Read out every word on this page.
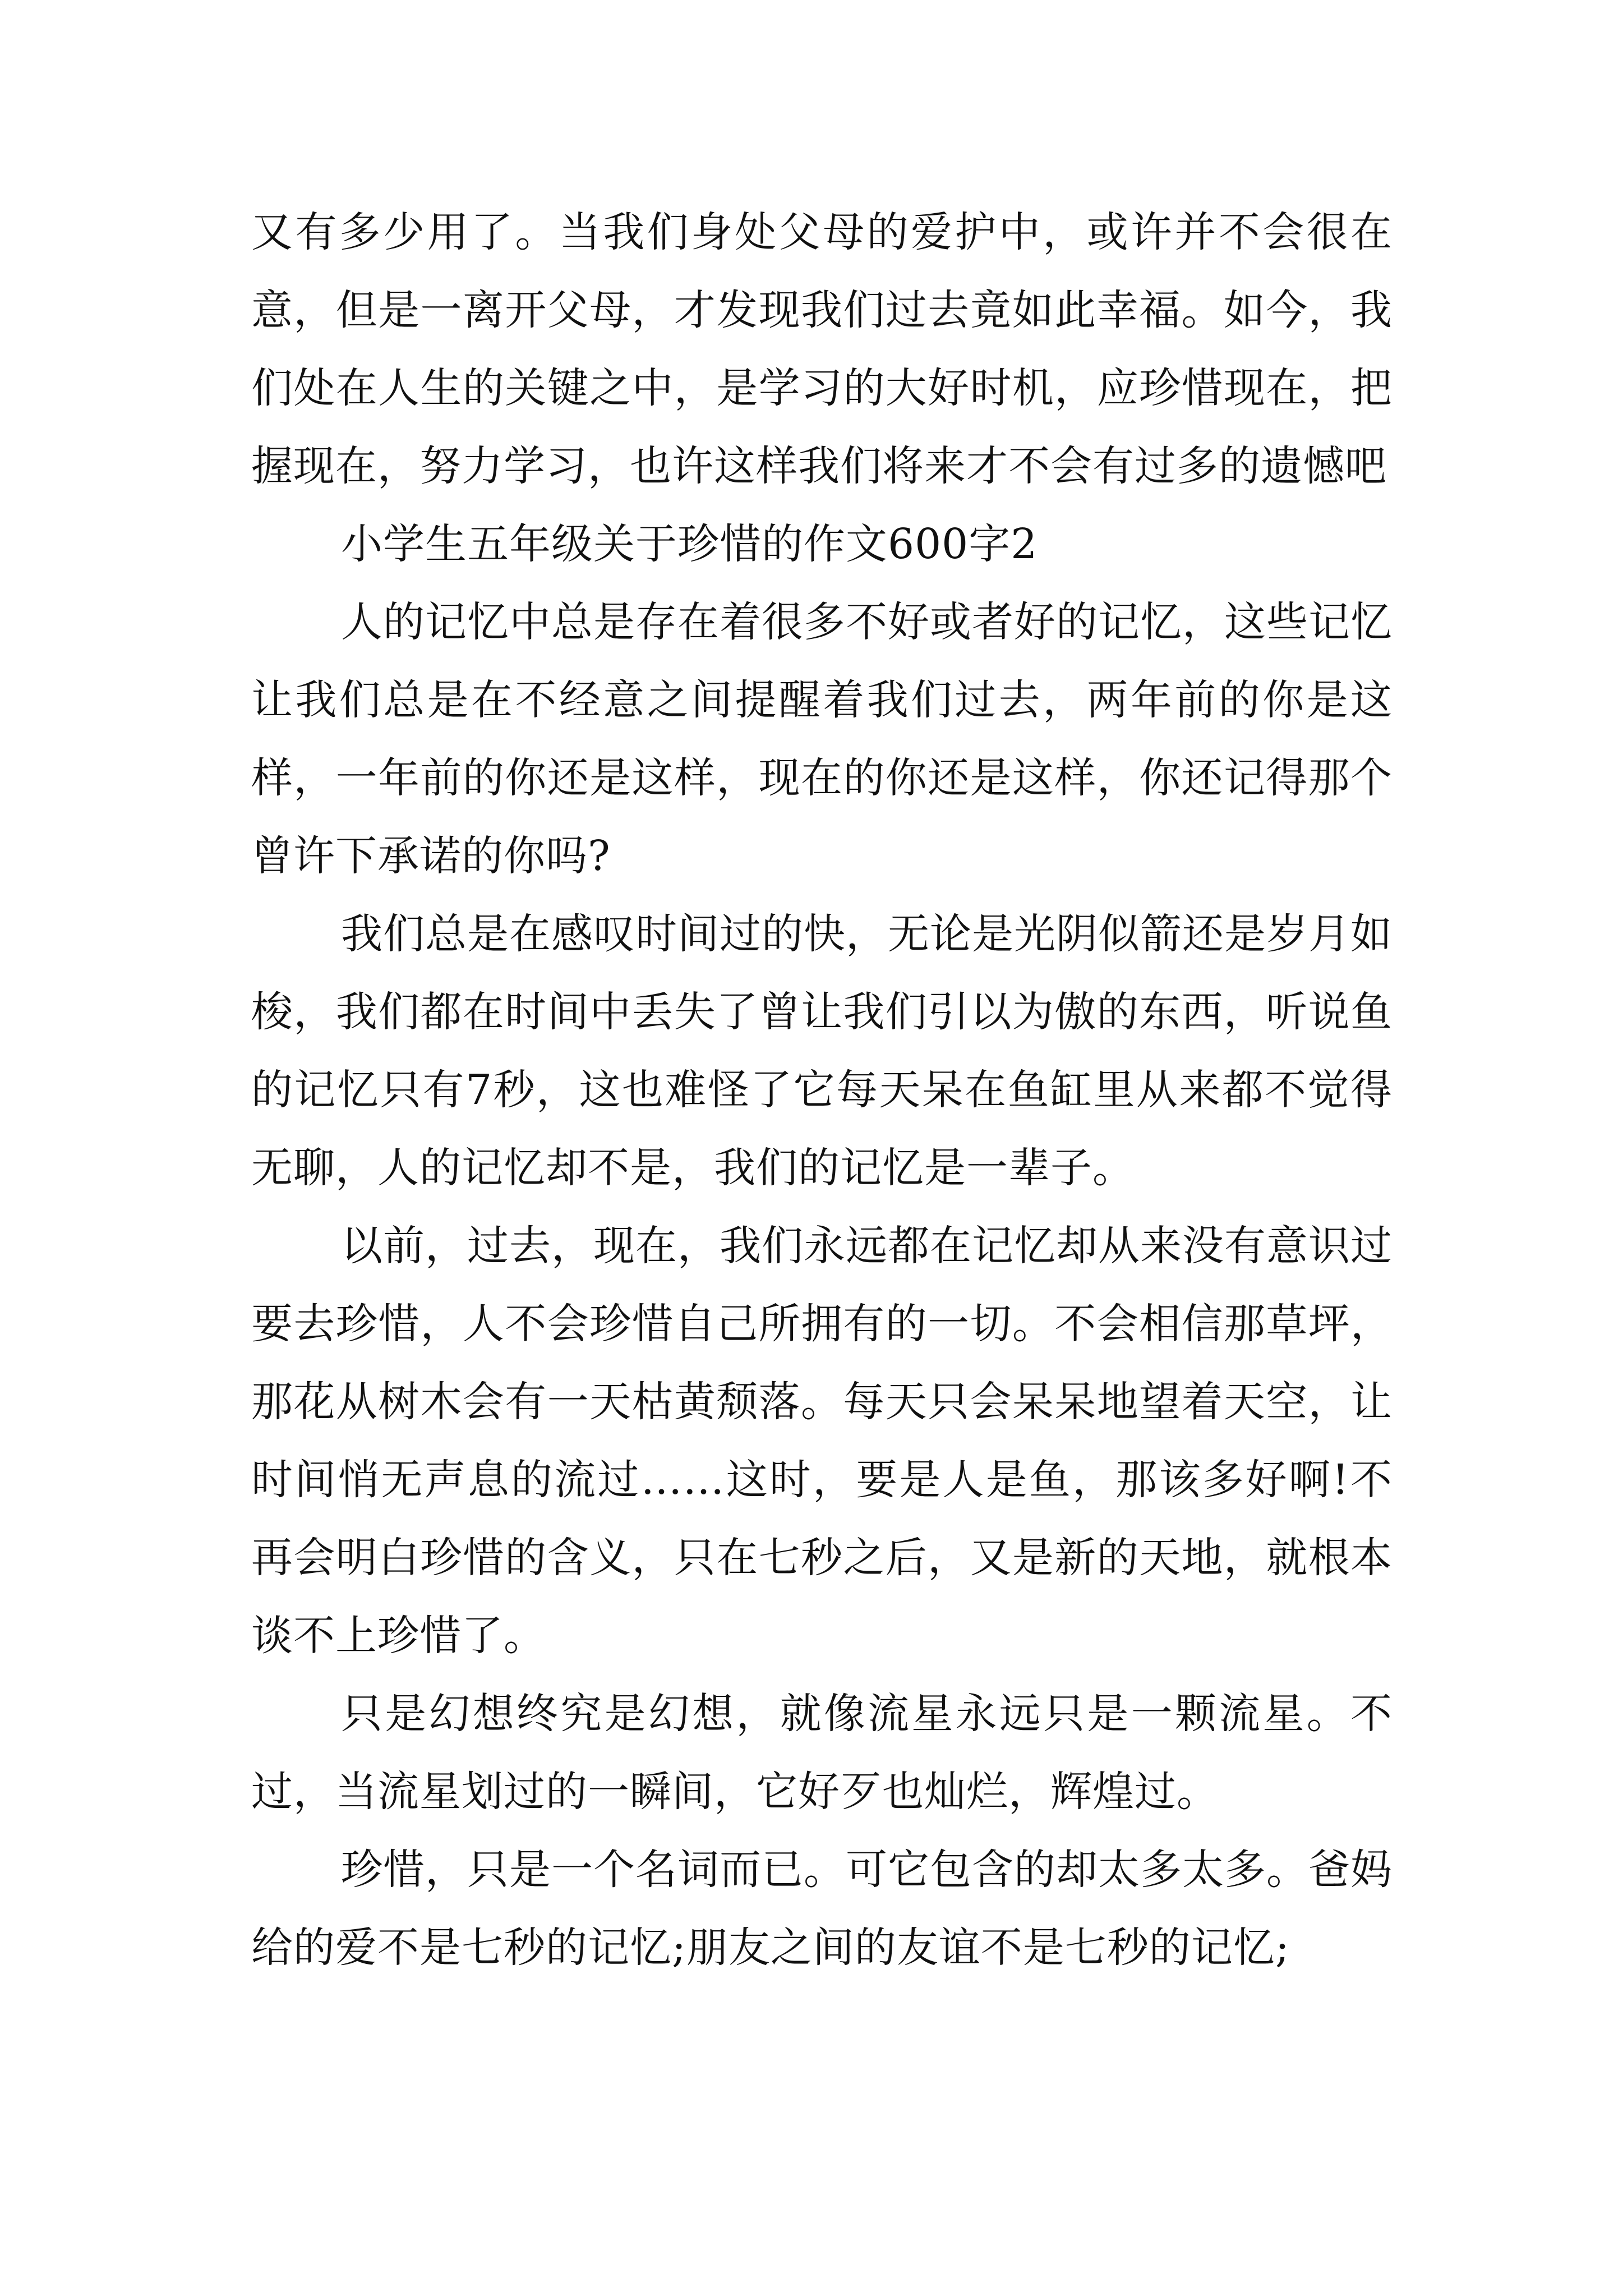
又有多少用了。当我们身处父母的爱护中，或许并不会很在意，但是一离开父母，才发现我们过去竟如此幸福。如今，我们处在人生的关键之中，是学习的大好时机，应珍惜现在，把握现在，努力学习，也许这样我们将来才不会有过多的遗憾吧

小学生五年级关于珍惜的作文600字2

人的记忆中总是存在着很多不好或者好的记忆，这些记忆让我们总是在不经意之间提醒着我们过去，两年前的你是这样，一年前的你还是这样，现在的你还是这样，你还记得那个曾许下承诺的你吗?

我们总是在感叹时间过的快，无论是光阴似箭还是岁月如梭，我们都在时间中丢失了曾让我们引以为傲的东西，听说鱼的记忆只有7秒，这也难怪了它每天呆在鱼缸里从来都不觉得无聊，人的记忆却不是，我们的记忆是一辈子。

以前，过去，现在，我们永远都在记忆却从来没有意识过要去珍惜，人不会珍惜自己所拥有的一切。不会相信那草坪，那花从树木会有一天枯黄颓落。每天只会呆呆地望着天空，让时间悄无声息的流过……这时，要是人是鱼，那该多好啊!不再会明白珍惜的含义，只在七秒之后，又是新的天地，就根本谈不上珍惜了。

只是幻想终究是幻想，就像流星永远只是一颗流星。不过，当流星划过的一瞬间，它好歹也灿烂，辉煌过。

珍惜，只是一个名词而已。可它包含的却太多太多。爸妈给的爱不是七秒的记忆;朋友之间的友谊不是七秒的记忆;
